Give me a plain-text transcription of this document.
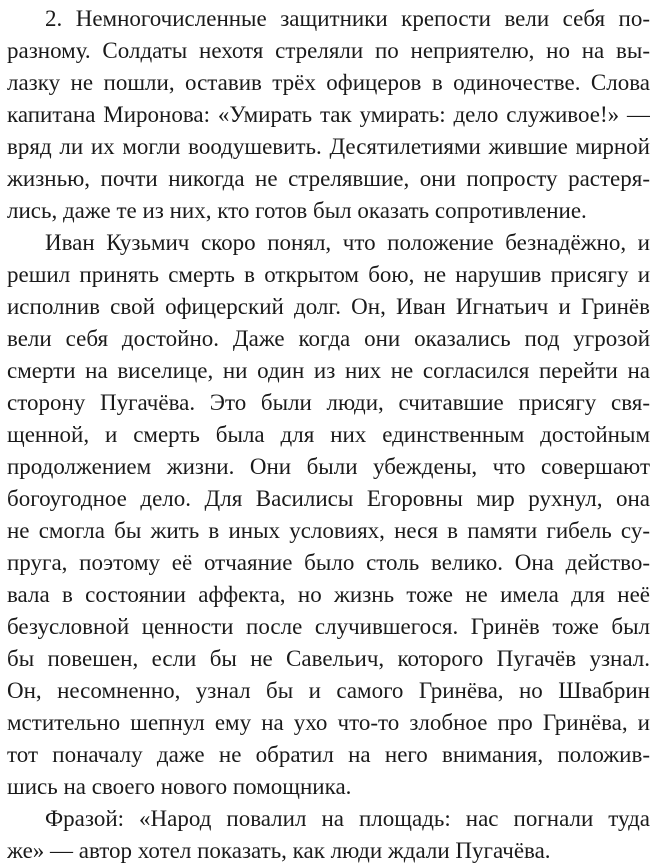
2. Немногочисленные защитники крепости вели себя по-
разному. Солдаты нехотя стреляли по неприятелю, но на вы-
лазку не пошли, оставив трёх офицеров в одиночестве. Слова
капитана Миронова: «Умирать так умирать: дело служивое!» —
вряд ли их могли воодушевить. Десятилетиями жившие мирной
жизнью, почти никогда не стрелявшие, они попросту растеря-
лись, даже те из них, кто готов был оказать сопротивление.
Иван Кузьмич скоро понял, что положение безнадёжно, и
решил принять смерть в открытом бою, не нарушив присягу и
исполнив свой офицерский долг. Он, Иван Игнатьич и Гринёв
вели себя достойно. Даже когда они оказались под угрозой
смерти на виселице, ни один из них не согласился перейти на
сторону Пугачёва. Это были люди, считавшие присягу свя-
щенной, и смерть была для них единственным достойным
продолжением жизни. Они были убеждены, что совершают
богоугодное дело. Для Василисы Егоровны мир рухнул, она
не смогла бы жить в иных условиях, неся в памяти гибель су-
пруга, поэтому её отчаяние было столь велико. Она действо-
вала в состоянии аффекта, но жизнь тоже не имела для неё
безусловной ценности после случившегося. Гринёв тоже был
бы повешен, если бы не Савельич, которого Пугачёв узнал.
Он, несомненно, узнал бы и самого Гринёва, но Швабрин
мстительно шепнул ему на ухо что-то злобное про Гринёва, и
тот поначалу даже не обратил на него внимания, положив-
шись на своего нового помощника.
Фразой: «Народ повалил на площадь: нас погнали туда
же» — автор хотел показать, как люди ждали Пугачёва.
